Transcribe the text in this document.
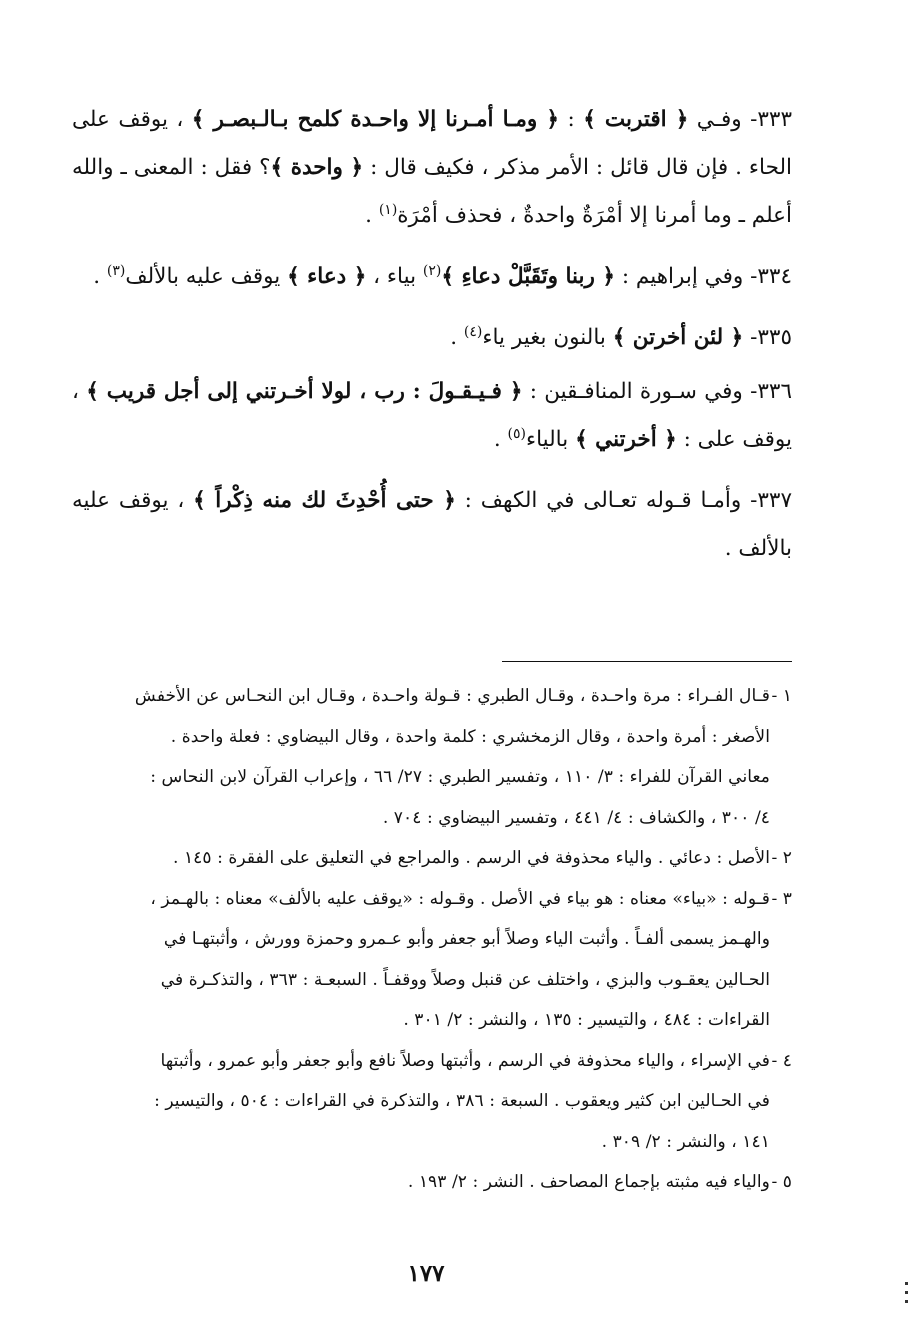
٣٣٣- وفـي ﴿ اقتربت ﴾ : ﴿ ومـا أمـرنا إلا واحـدة كلمح بـالـبصـر ﴾ ، يوقف على الحاء . فإن قال قائل : الأمر مذكر ، فكيف قال : ﴿ واحدة ﴾؟ فقل : المعنى ـ والله أعلم ـ وما أمرنا إلا أمْرَةٌ واحدةٌ ، فحذف أمْرَة$^{(١)}$ .

٣٣٤- وفي إبراهيم : ﴿ ربنا وتَقَبَّلْ دعاءِ ﴾$^{(٢)}$ بياء ، ﴿ دعاء ﴾ يوقف عليه بالألف$^{(٣)}$ .

٣٣٥- ﴿ لئن أخرتن ﴾ بالنون بغير ياء$^{(٤)}$ .

٣٣٦- وفي سـورة المنافـقين : ﴿ فـيـقـولَ : رب ، لولا أخـرتني إلى أجل قريب ﴾ ، يوقف على : ﴿ أخرتني ﴾ بالياء$^{(٥)}$ .

٣٣٧- وأمـا قـوله تعـالى في الكهف : ﴿ حتى أُحْدِثَ لك منه ذِكْراً ﴾ ، يوقف عليه بالألف .

١ -قـال الفـراء : مرة واحـدة ، وقـال الطبري : قـولة واحـدة ، وقـال ابن النحـاس عن الأخفش
الأصغر : أمرة واحدة ، وقال الزمخشري : كلمة واحدة ، وقال البيضاوي : فعلة واحدة .
معاني القرآن للفراء : ٣/ ١١٠ ، وتفسير الطبري : ٢٧/ ٦٦ ، وإعراب القرآن لابن النحاس :
٤/ ٣٠٠ ، والكشاف : ٤/ ٤٤١ ، وتفسير البيضاوي : ٧٠٤ .
٢ -الأصل : دعائي . والياء محذوفة في الرسم . والمراجع في التعليق على الفقرة : ١٤٥ .
٣ -قـوله : «بياء» معناه : هو بياء في الأصل . وقـوله : «يوقف عليه بالألف» معناه : بالهـمز ،
والهـمز يسمى ألفـاً . وأثبت الياء وصلاً أبو جعفر وأبو عـمرو وحمزة وورش ، وأثبتهـا في
الحـالين يعقـوب والبزي ، واختلف عن قنبل وصلاً ووقفـاً . السبعـة : ٣٦٣ ، والتذكـرة في
القراءات : ٤٨٤ ، والتيسير : ١٣٥ ، والنشر : ٢/ ٣٠١ .
٤ -في الإسراء ، والياء محذوفة في الرسم ، وأثبتها وصلاً نافع وأبو جعفر وأبو عمرو ، وأثبتها
في الحـالين ابن كثير ويعقوب . السبعة : ٣٨٦ ، والتذكرة في القراءات : ٥٠٤ ، والتيسير :
١٤١ ، والنشر : ٢/ ٣٠٩ .
٥ -والياء فيه مثبته بإجماع المصاحف . النشر : ٢/ ١٩٣ .
١٧٧
